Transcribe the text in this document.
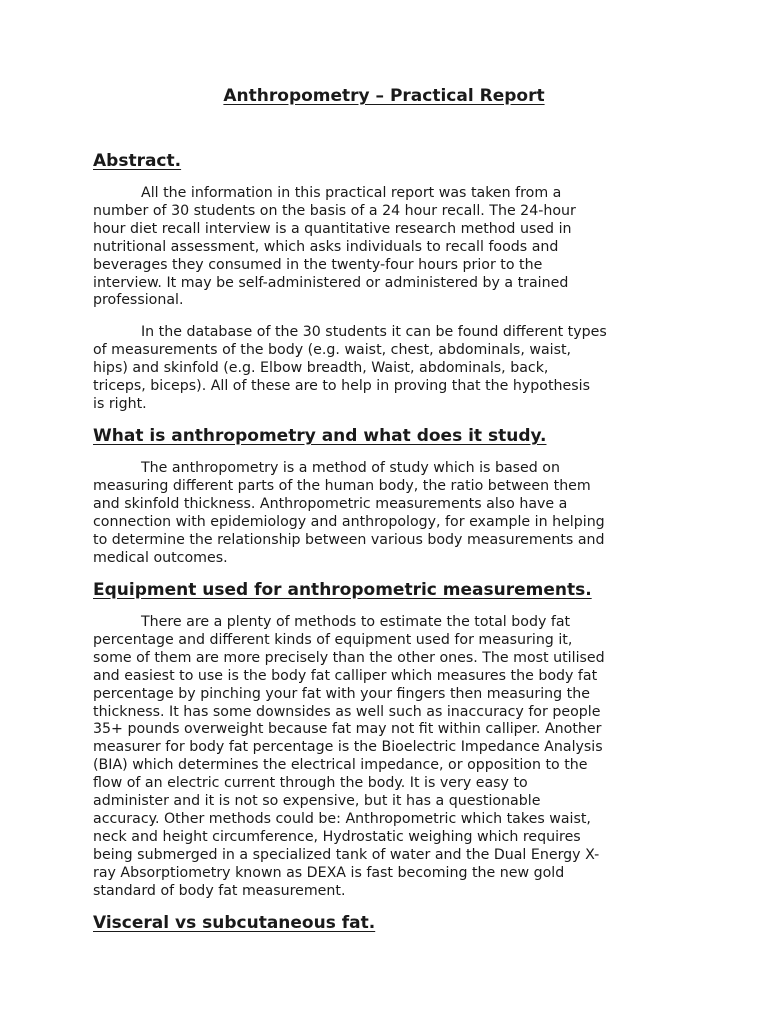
Anthropometry – Practical Report
Abstract.

All the information in this practical report was taken from a
number of 30 students on the basis of a 24 hour recall. The 24-hour
hour diet recall interview is a quantitative research method used in
nutritional assessment, which asks individuals to recall foods and
beverages they consumed in the twenty-four hours prior to the
interview. It may be self-administered or administered by a trained
professional.

In the database of the 30 students it can be found different types
of measurements of the body (e.g. waist, chest, abdominals, waist,
hips) and skinfold (e.g. Elbow breadth, Waist, abdominals, back,
triceps, biceps). All of these are to help in proving that the hypothesis
is right.

What is anthropometry and what does it study.

The anthropometry is a method of study which is based on
measuring different parts of the human body, the ratio between them
and skinfold thickness. Anthropometric measurements also have a
connection with epidemiology and anthropology, for example in helping
to determine the relationship between various body measurements and
medical outcomes.

Equipment used for anthropometric measurements.

There are a plenty of methods to estimate the total body fat
percentage and different kinds of equipment used for measuring it,
some of them are more precisely than the other ones. The most utilised
and easiest to use is the body fat calliper which measures the body fat
percentage by pinching your fat with your fingers then measuring the
thickness. It has some downsides as well such as inaccuracy for people
35+ pounds overweight because fat may not fit within calliper. Another
measurer for body fat percentage is the Bioelectric Impedance Analysis
(BIA) which determines the electrical impedance, or opposition to the
flow of an electric current through the body. It is very easy to
administer and it is not so expensive, but it has a questionable
accuracy. Other methods could be: Anthropometric which takes waist,
neck and height circumference, Hydrostatic weighing which requires
being submerged in a specialized tank of water and the Dual Energy X-
ray Absorptiometry known as DEXA is fast becoming the new gold
standard of body fat measurement.

Visceral vs subcutaneous fat.
